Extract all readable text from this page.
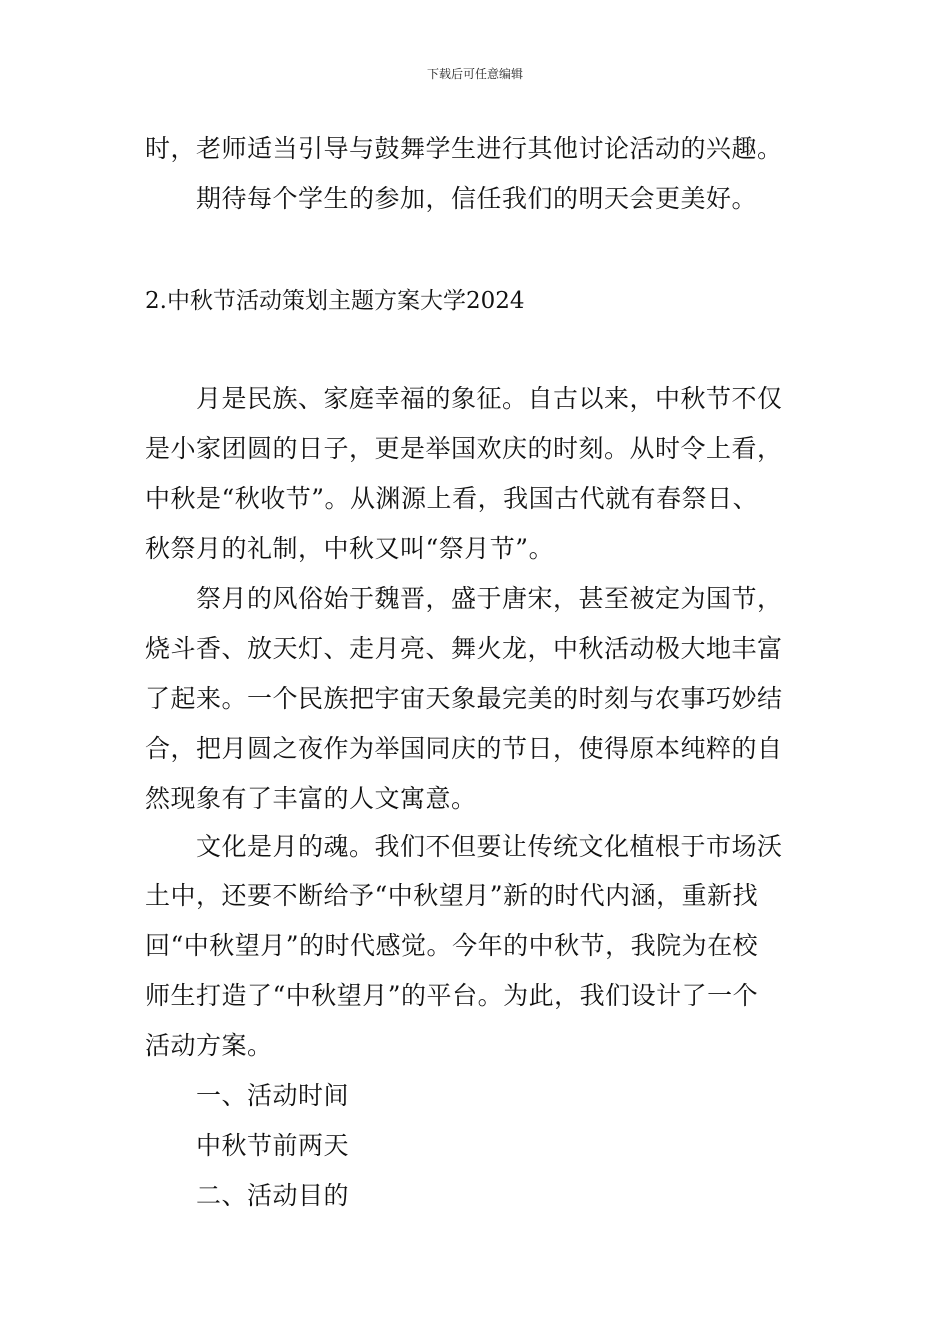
下载后可任意编辑
时，老师适当引导与鼓舞学生进行其他讨论活动的兴趣。
期待每个学生的参加，信任我们的明天会更美好。
2.中秋节活动策划主题方案大学2024
月是民族、家庭幸福的象征。自古以来，中秋节不仅
是小家团圆的日子，更是举国欢庆的时刻。从时令上看，
中秋是“秋收节”。从渊源上看，我国古代就有春祭日、
秋祭月的礼制，中秋又叫“祭月节”。
祭月的风俗始于魏晋，盛于唐宋，甚至被定为国节，
烧斗香、放天灯、走月亮、舞火龙，中秋活动极大地丰富
了起来。一个民族把宇宙天象最完美的时刻与农事巧妙结
合，把月圆之夜作为举国同庆的节日，使得原本纯粹的自
然现象有了丰富的人文寓意。
文化是月的魂。我们不但要让传统文化植根于市场沃
土中，还要不断给予“中秋望月”新的时代内涵，重新找
回“中秋望月”的时代感觉。今年的中秋节，我院为在校
师生打造了“中秋望月”的平台。为此，我们设计了一个
活动方案。
一、活动时间
中秋节前两天
二、活动目的
